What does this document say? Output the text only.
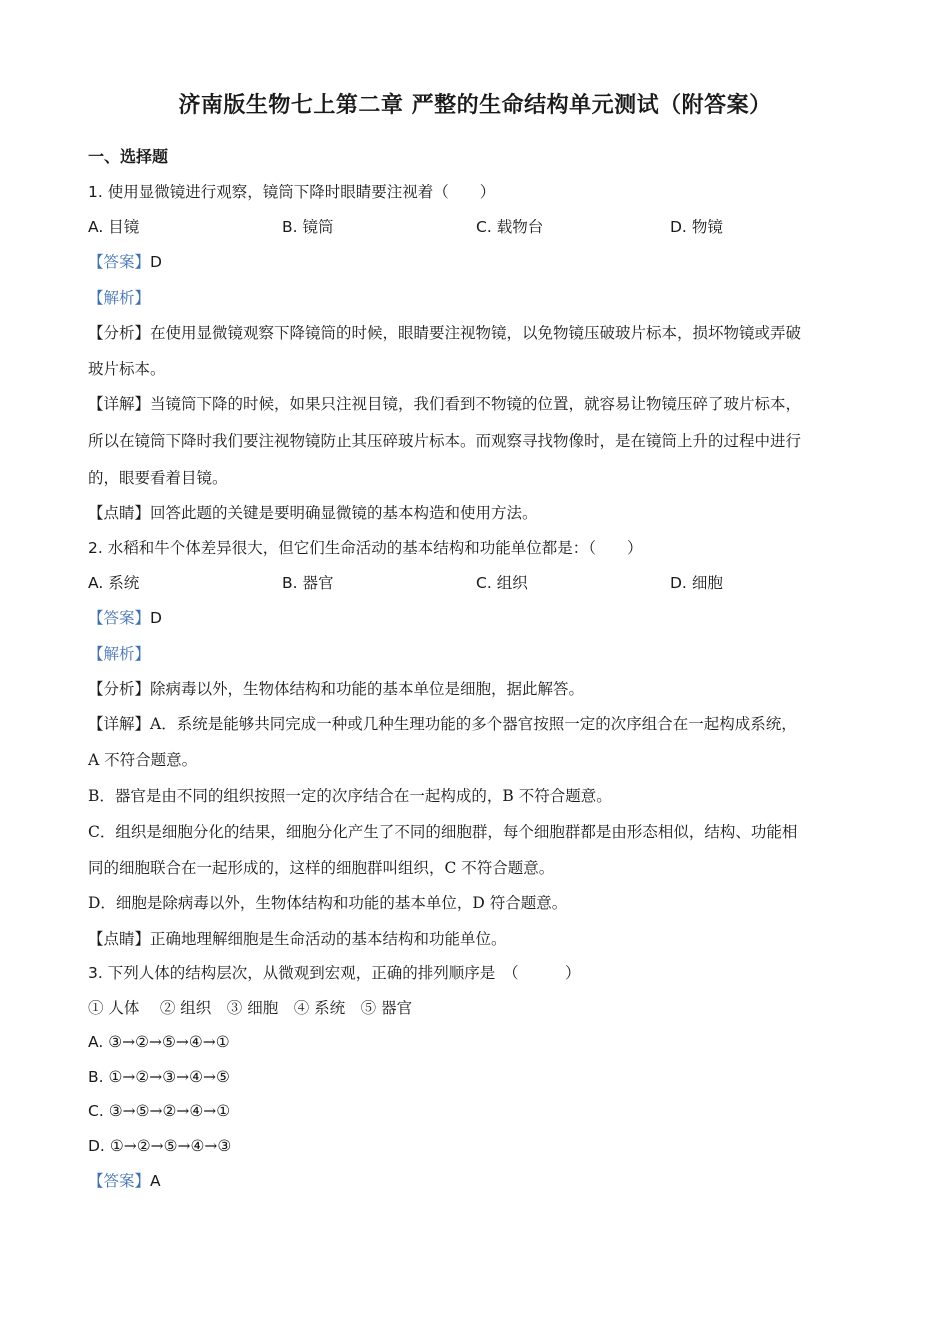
济南版生物七上第二章 严整的生命结构单元测试（附答案）
一、选择题
1. 使用显微镜进行观察，镜筒下降时眼睛要注视着（　　）
A. 目镜	B. 镜筒	C. 载物台	D. 物镜
【答案】D
【解析】
【分析】在使用显微镜观察下降镜筒的时候，眼睛要注视物镜，以免物镜压破玻片标本，损坏物镜或弄破
玻片标本。
【详解】当镜筒下降的时候，如果只注视目镜，我们看到不物镜的位置，就容易让物镜压碎了玻片标本，
所以在镜筒下降时我们要注视物镜防止其压碎玻片标本。而观察寻找物像时，是在镜筒上升的过程中进行
的，眼要看着目镜。
【点睛】回答此题的关键是要明确显微镜的基本构造和使用方法。
2. 水稻和牛个体差异很大，但它们生命活动的基本结构和功能单位都是：（　　）
A. 系统	B. 器官	C. 组织	D. 细胞
【答案】D
【解析】
【分析】除病毒以外，生物体结构和功能的基本单位是细胞，据此解答。
【详解】A．系统是能够共同完成一种或几种生理功能的多个器官按照一定的次序组合在一起构成系统，
A 不符合题意。
B．器官是由不同的组织按照一定的次序结合在一起构成的，B 不符合题意。
C．组织是细胞分化的结果，细胞分化产生了不同的细胞群，每个细胞群都是由形态相似，结构、功能相
同的细胞联合在一起形成的，这样的细胞群叫组织，C 不符合题意。
D．细胞是除病毒以外，生物体结构和功能的基本单位，D 符合题意。
【点睛】正确地理解细胞是生命活动的基本结构和功能单位。
3. 下列人体的结构层次，从微观到宏观，正确的排列顺序是　（　　　）
① 人体　 ② 组织　③ 细胞　④ 系统　⑤ 器官
A. ③→②→⑤→④→①
B. ①→②→③→④→⑤
C. ③→⑤→②→④→①
D. ①→②→⑤→④→③
【答案】A
